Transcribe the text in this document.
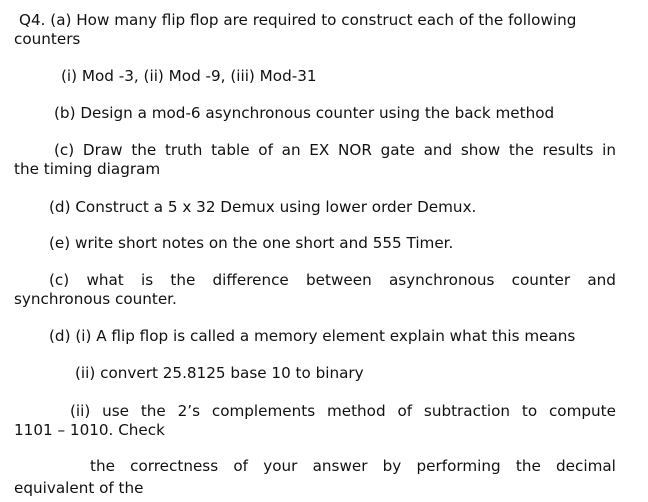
Q4. (a) How many flip flop are required to construct each of the following
counters
(i) Mod -3, (ii) Mod -9, (iii) Mod-31
(b) Design a mod-6 asynchronous counter using the back method
(c) Draw the truth table of an EX NOR gate and show the results in
the timing diagram
(d) Construct a 5 x 32 Demux using lower order Demux.
(e) write short notes on the one short and 555 Timer.
(c) what is the difference between asynchronous counter and
synchronous counter.
(d) (i) A flip flop is called a memory element explain what this means
(ii) convert 25.8125 base 10 to binary
(ii) use the 2’s complements method of subtraction to compute
1101 – 1010. Check
the correctness of your answer by performing the decimal
equivalent of the
